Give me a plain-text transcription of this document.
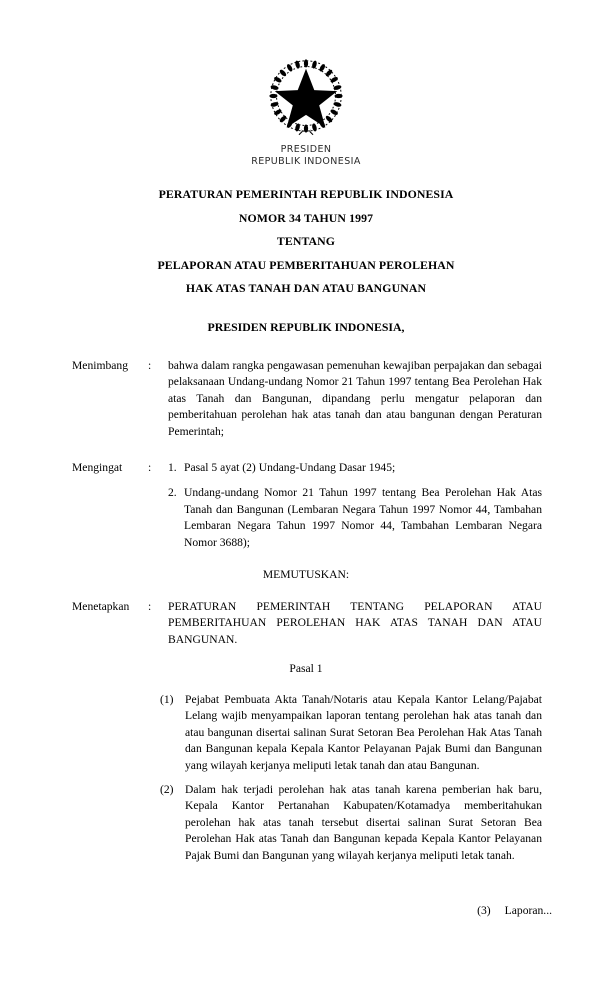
PRESIDEN
REPUBLIK INDONESIA
PERATURAN PEMERINTAH REPUBLIK INDONESIA
NOMOR 34 TAHUN 1997
TENTANG
PELAPORAN ATAU PEMBERITAHUAN PEROLEHAN
HAK ATAS TANAH DAN ATAU BANGUNAN
PRESIDEN REPUBLIK INDONESIA,
Menimbang	:	bahwa dalam rangka pengawasan pemenuhan kewajiban perpajakan dan sebagai pelaksanaan Undang-undang Nomor 21 Tahun 1997 tentang Bea Perolehan Hak atas Tanah dan Bangunan, dipandang perlu mengatur pelaporan dan pemberitahuan perolehan hak atas tanah dan atau bangunan dengan Peraturan Pemerintah;
Mengingat	:	1. Pasal 5 ayat (2) Undang-Undang Dasar 1945;
2. Undang-undang Nomor 21 Tahun 1997 tentang Bea Perolehan Hak Atas Tanah dan Bangunan (Lembaran Negara Tahun 1997 Nomor 44, Tambahan Lembaran Negara Tahun 1997 Nomor 44, Tambahan Lembaran Negara Nomor 3688);
MEMUTUSKAN:
Menetapkan	:	PERATURAN PEMERINTAH TENTANG PELAPORAN ATAU PEMBERITAHUAN PEROLEHAN HAK ATAS TANAH DAN ATAU BANGUNAN.
Pasal 1
(1) Pejabat Pembuata Akta Tanah/Notaris atau Kepala Kantor Lelang/Pajabat Lelang wajib menyampaikan laporan tentang perolehan hak atas tanah dan atau bangunan disertai salinan Surat Setoran Bea Perolehan Hak Atas Tanah dan Bangunan kepala Kepala Kantor Pelayanan Pajak Bumi dan Bangunan yang wilayah kerjanya meliputi letak tanah dan atau Bangunan.
(2) Dalam hak terjadi perolehan hak atas tanah karena pemberian hak baru, Kepala Kantor Pertanahan Kabupaten/Kotamadya memberitahukan perolehan hak atas tanah tersebut disertai salinan Surat Setoran Bea Perolehan Hak atas Tanah dan Bangunan kepada Kepala Kantor Pelayanan Pajak Bumi dan Bangunan yang wilayah kerjanya meliputi letak tanah.
(3) Laporan...
